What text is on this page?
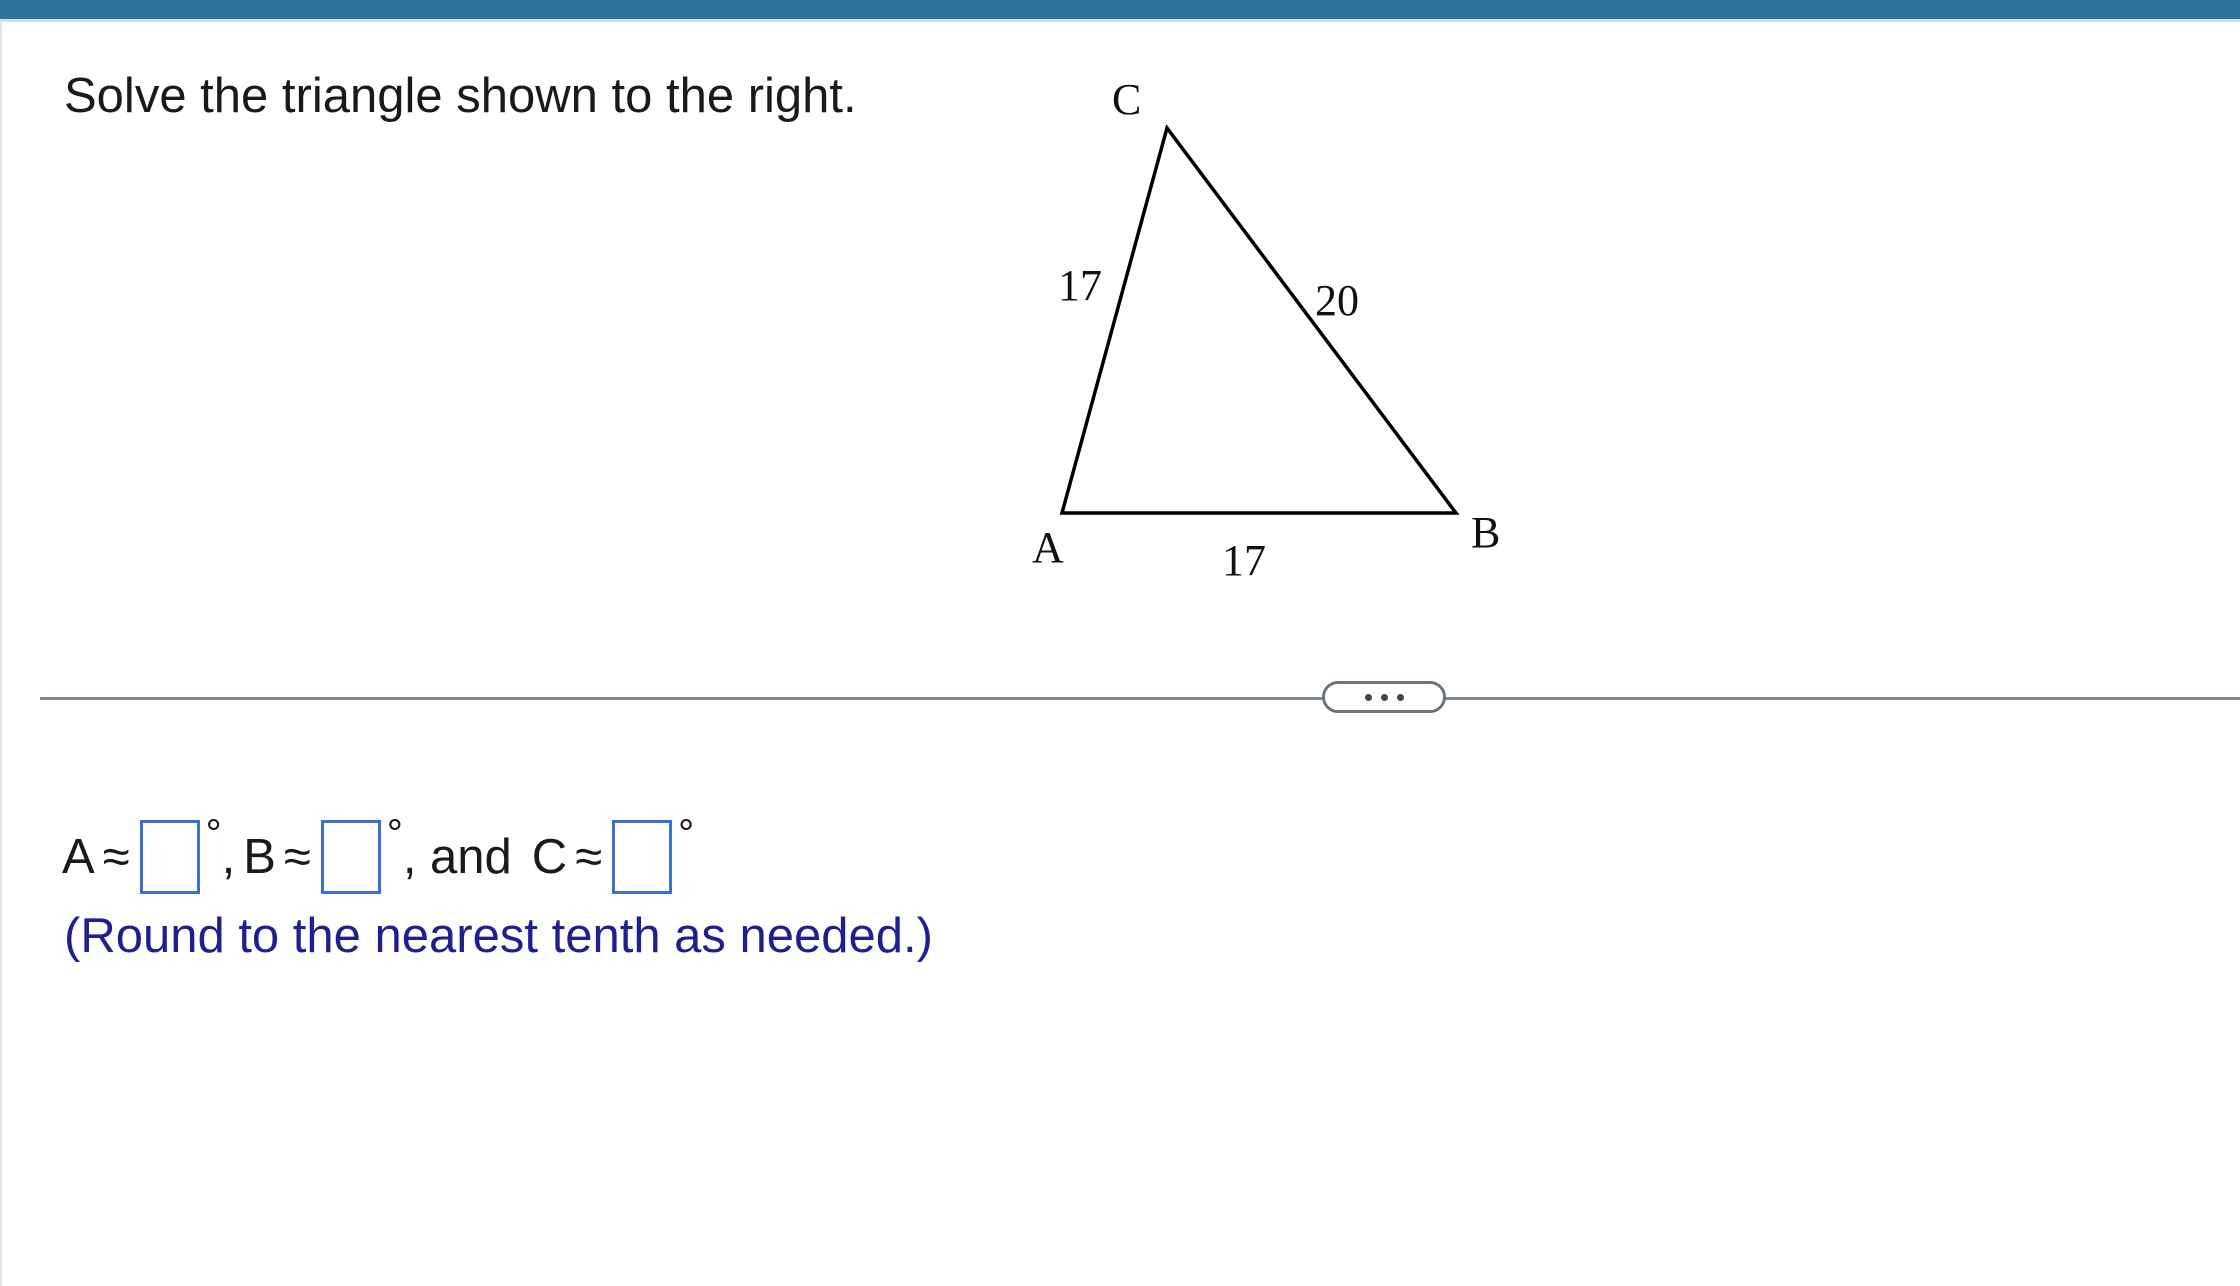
Solve the triangle shown to the right.	C
A	B
17	20
17
A ≈ ° , B ≈ ° , and C ≈ °
(Round to the nearest tenth as needed.)
